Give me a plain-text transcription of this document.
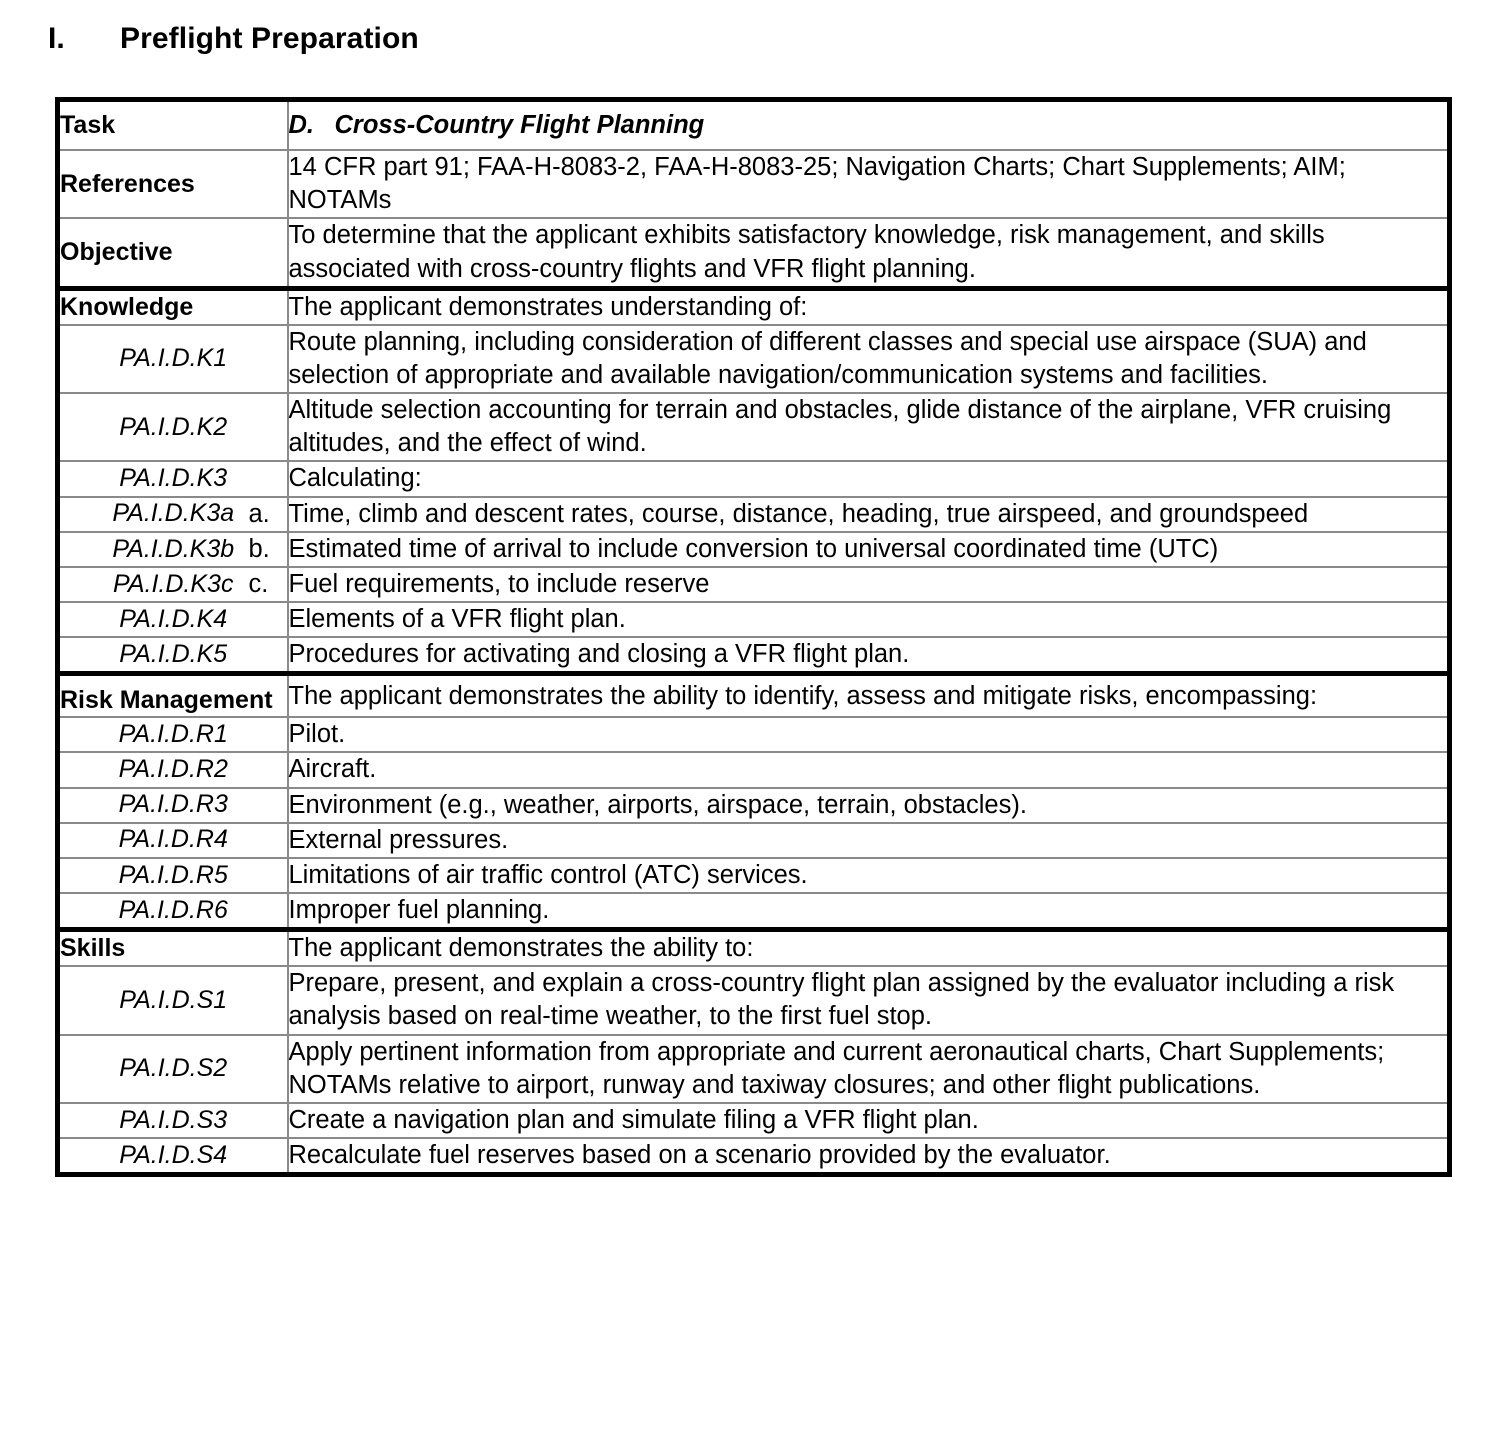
I. Preflight Preparation
Task	D. Cross-Country Flight Planning
References	14 CFR part 91; FAA-H-8083-2, FAA-H-8083-25; Navigation Charts; Chart Supplements; AIM; NOTAMs
Objective	To determine that the applicant exhibits satisfactory knowledge, risk management, and skills associated with cross-country flights and VFR flight planning.
Knowledge	The applicant demonstrates understanding of:
PA.I.D.K1	Route planning, including consideration of different classes and special use airspace (SUA) and selection of appropriate and available navigation/communication systems and facilities.
PA.I.D.K2	Altitude selection accounting for terrain and obstacles, glide distance of the airplane, VFR cruising altitudes, and the effect of wind.
PA.I.D.K3	Calculating:
PA.I.D.K3a	a. Time, climb and descent rates, course, distance, heading, true airspeed, and groundspeed
PA.I.D.K3b	b. Estimated time of arrival to include conversion to universal coordinated time (UTC)
PA.I.D.K3c	c. Fuel requirements, to include reserve
PA.I.D.K4	Elements of a VFR flight plan.
PA.I.D.K5	Procedures for activating and closing a VFR flight plan.
Risk Management	The applicant demonstrates the ability to identify, assess and mitigate risks, encompassing:
PA.I.D.R1	Pilot.
PA.I.D.R2	Aircraft.
PA.I.D.R3	Environment (e.g., weather, airports, airspace, terrain, obstacles).
PA.I.D.R4	External pressures.
PA.I.D.R5	Limitations of air traffic control (ATC) services.
PA.I.D.R6	Improper fuel planning.
Skills	The applicant demonstrates the ability to:
PA.I.D.S1	Prepare, present, and explain a cross-country flight plan assigned by the evaluator including a risk analysis based on real-time weather, to the first fuel stop.
PA.I.D.S2	Apply pertinent information from appropriate and current aeronautical charts, Chart Supplements; NOTAMs relative to airport, runway and taxiway closures; and other flight publications.
PA.I.D.S3	Create a navigation plan and simulate filing a VFR flight plan.
PA.I.D.S4	Recalculate fuel reserves based on a scenario provided by the evaluator.
